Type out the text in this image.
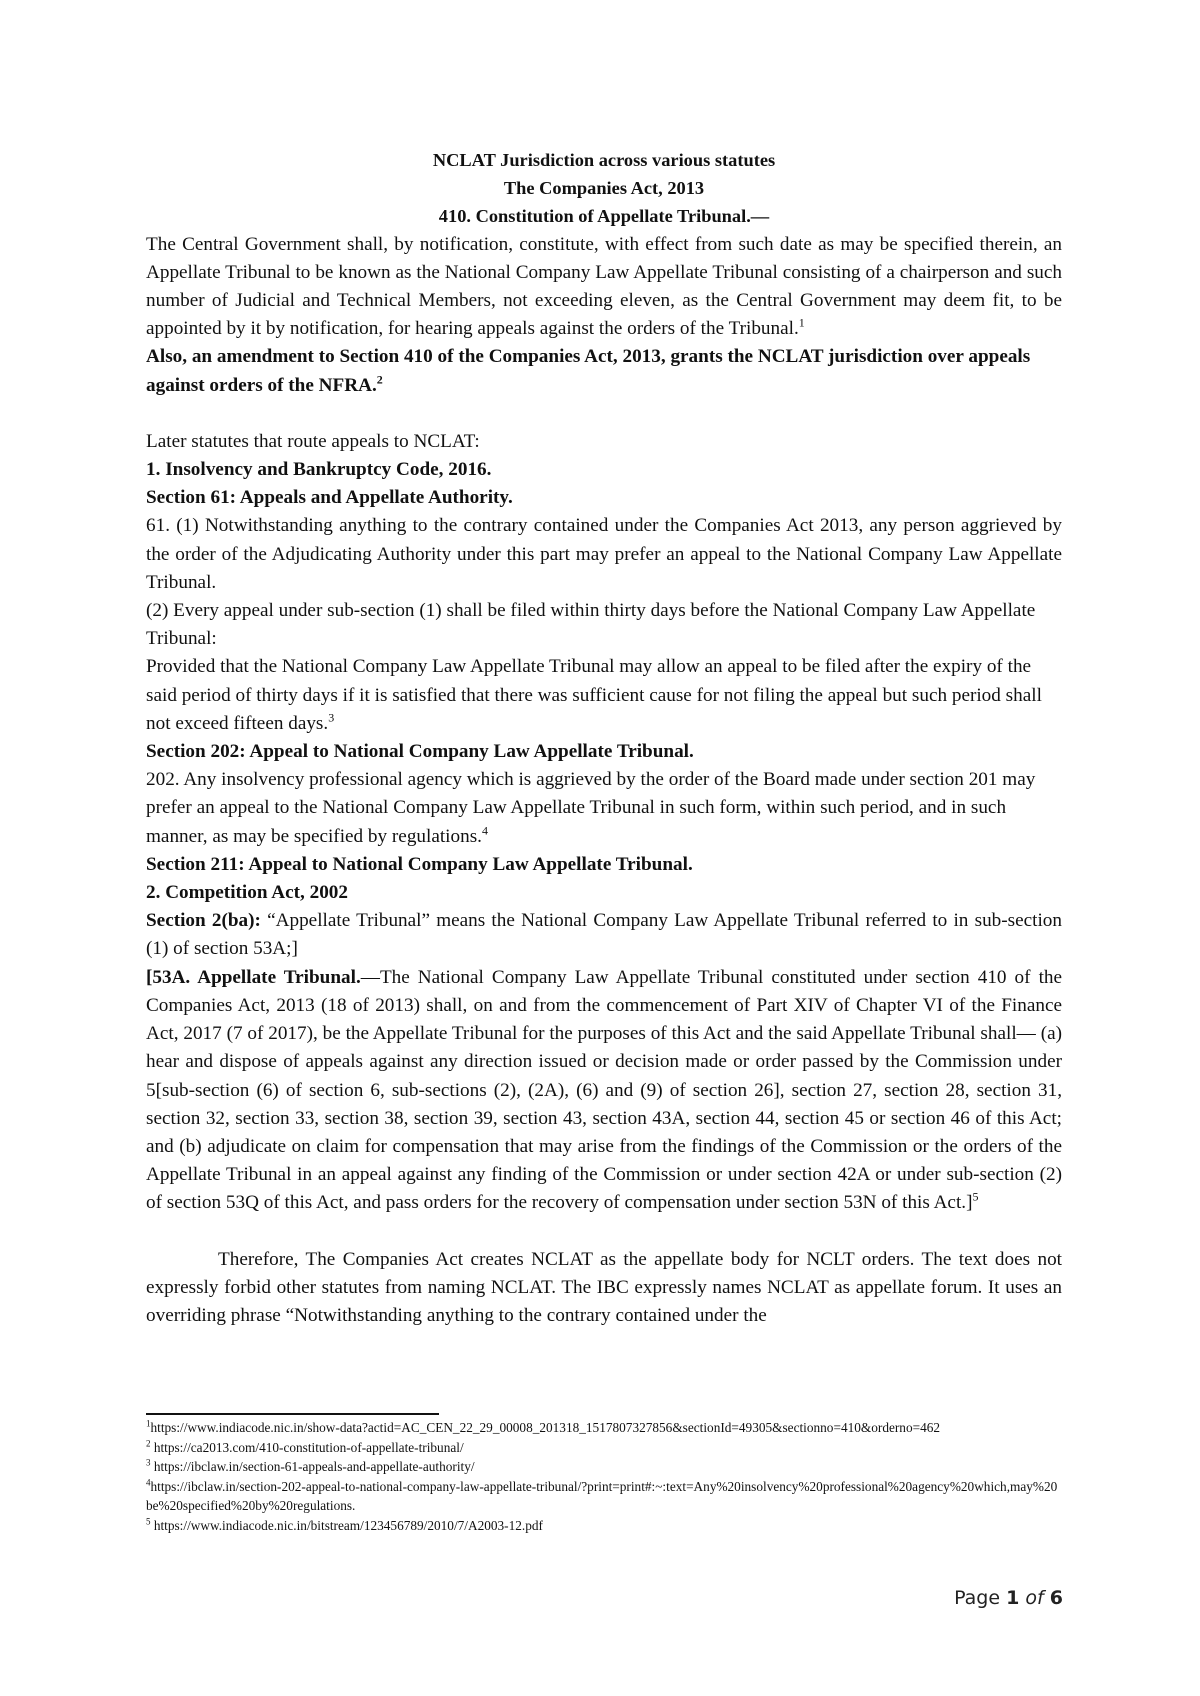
NCLAT Jurisdiction across various statutes
The Companies Act, 2013
410. Constitution of Appellate Tribunal.—

The Central Government shall, by notification, constitute, with effect from such date as may be specified therein, an Appellate Tribunal to be known as the National Company Law Appellate Tribunal consisting of a chairperson and such number of Judicial and Technical Members, not exceeding eleven, as the Central Government may deem fit, to be appointed by it by notification, for hearing appeals against the orders of the Tribunal.$^1$

Also, an amendment to Section 410 of the Companies Act, 2013, grants the NCLAT jurisdiction over appeals against orders of the NFRA.$^2$

Later statutes that route appeals to NCLAT:

1. Insolvency and Bankruptcy Code, 2016.

Section 61: Appeals and Appellate Authority.

61. (1) Notwithstanding anything to the contrary contained under the Companies Act 2013, any person aggrieved by the order of the Adjudicating Authority under this part may prefer an appeal to the National Company Law Appellate Tribunal.

(2) Every appeal under sub-section (1) shall be filed within thirty days before the National Company Law Appellate Tribunal:

Provided that the National Company Law Appellate Tribunal may allow an appeal to be filed after the expiry of the said period of thirty days if it is satisfied that there was sufficient cause for not filing the appeal but such period shall not exceed fifteen days.$^3$

Section 202: Appeal to National Company Law Appellate Tribunal.

202. Any insolvency professional agency which is aggrieved by the order of the Board made under section 201 may prefer an appeal to the National Company Law Appellate Tribunal in such form, within such period, and in such manner, as may be specified by regulations.$^4$

Section 211: Appeal to National Company Law Appellate Tribunal.

2. Competition Act, 2002

Section 2(ba): “Appellate Tribunal” means the National Company Law Appellate Tribunal referred to in sub-section (1) of section 53A;]

[53A. Appellate Tribunal.—The National Company Law Appellate Tribunal constituted under section 410 of the Companies Act, 2013 (18 of 2013) shall, on and from the commencement of Part XIV of Chapter VI of the Finance Act, 2017 (7 of 2017), be the Appellate Tribunal for the purposes of this Act and the said Appellate Tribunal shall— (a) hear and dispose of appeals against any direction issued or decision made or order passed by the Commission under 5[sub-section (6) of section 6, sub-sections (2), (2A), (6) and (9) of section 26], section 27, section 28, section 31, section 32, section 33, section 38, section 39, section 43, section 43A, section 44, section 45 or section 46 of this Act; and (b) adjudicate on claim for compensation that may arise from the findings of the Commission or the orders of the Appellate Tribunal in an appeal against any finding of the Commission or under section 42A or under sub-section (2) of section 53Q of this Act, and pass orders for the recovery of compensation under section 53N of this Act.]$^5$

Therefore, The Companies Act creates NCLAT as the appellate body for NCLT orders. The text does not expressly forbid other statutes from naming NCLAT. The IBC expressly names NCLAT as appellate forum. It uses an overriding phrase “Notwithstanding anything to the contrary contained under the

$^1$https://www.indiacode.nic.in/show-data?actid=AC_CEN_22_29_00008_201318_1517807327856&sectionId=49305&sectionno=410&orderno=462

$^2$ https://ca2013.com/410-constitution-of-appellate-tribunal/

$^3$ https://ibclaw.in/section-61-appeals-and-appellate-authority/

$^4$https://ibclaw.in/section-202-appeal-to-national-company-law-appellate-tribunal/?print=print#:~:text=Any%20insolvency%20professional%20agency%20which,may%20be%20specified%20by%20regulations.

$^5$ https://www.indiacode.nic.in/bitstream/123456789/2010/7/A2003-12.pdf

Page 1 of 6
